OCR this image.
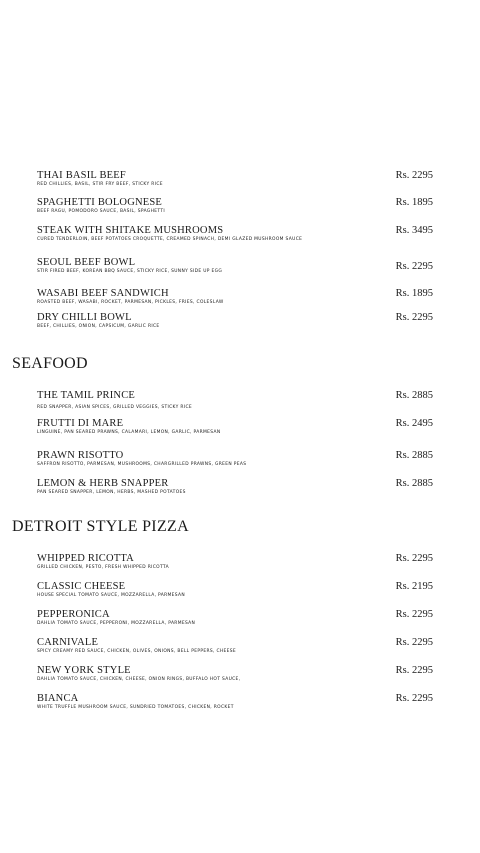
THAI BASIL BEEF
RED CHILLIES, BASIL, STIR FRY BEEF, STICKY RICE
Rs. 2295
SPAGHETTI BOLOGNESE
BEEF RAGU, POMODORO SAUCE, BASIL, SPAGHETTI
Rs. 1895
STEAK WITH SHITAKE MUSHROOMS
CURED TENDERLOIN, BEEF POTATOES CROQUETTE, CREAMED SPINACH, DEMI GLAZED MUSHROOM SAUCE
Rs. 3495
SEOUL BEEF BOWL
STIR FIRED BEEF, KOREAN BBQ SAUCE, STICKY RICE, SUNNY SIDE UP EGG	Rs. 2295
WASABI BEEF SANDWICH
ROASTED BEEF, WASABI, ROCKET, PARMESAN, PICKLES, FRIES, COLESLAW
Rs. 1895
DRY CHILLI BOWL
BEEF, CHILLIES, ONION, CAPSICUM, GARLIC RICE
Rs. 2295
SEAFOOD
THE TAMIL PRINCE
RED SNAPPER, ASIAN SPICES, GRILLED VEGGIES, STICKY RICE
Rs. 2885
FRUTTI DI MARE
LINGUINE, PAN SEARED PRAWNS, CALAMARI, LEMON, GARLIC, PARMESAN
Rs. 2495
PRAWN RISOTTO
SAFFRON RISOTTO, PARMESAN, MUSHROOMS, CHARGRILLED PRAWNS, GREEN PEAS
Rs. 2885
LEMON & HERB SNAPPER
PAN SEARED SNAPPER, LEMON, HERBS, MASHED POTATOES
Rs. 2885
DETROIT STYLE PIZZA
WHIPPED RICOTTA
GRILLED CHICKEN, PESTO, FRESH WHIPPED RICOTTA
Rs. 2295
CLASSIC CHEESE
HOUSE SPECIAL TOMATO SAUCE, MOZZARELLA, PARMESAN
Rs. 2195
PEPPERONICA
DAHLIA TOMATO SAUCE, PEPPERONI, MOZZARELLA, PARMESAN
Rs. 2295
CARNIVALE
SPICY CREAMY RED SAUCE, CHICKEN, OLIVES, ONIONS, BELL PEPPERS, CHEESE
Rs. 2295
NEW YORK STYLE
DAHLIA TOMATO SAUCE, CHICKEN, CHEESE, ONION RINGS, BUFFALO HOT SAUCE,
Rs. 2295
BIANCA
WHITE TRUFFLE MUSHROOM SAUCE, SUNDRIED TOMATOES, CHICKEN, ROCKET
Rs. 2295
